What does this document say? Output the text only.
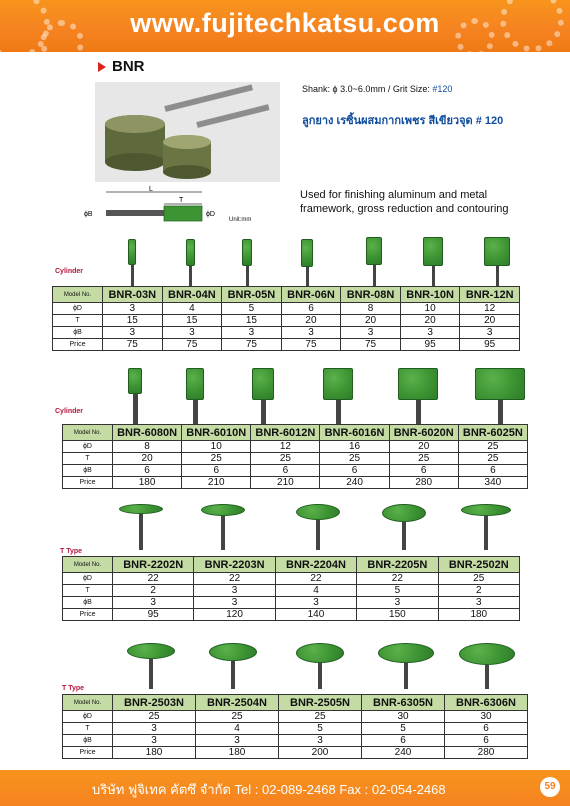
www.fujitechkatsu.com
BNR
Shank: ϕ 3.0~6.0mm / Grit Size: #120
ลูกยาง เรซิ้นผสมกากเพชร สีเขียวจุด # 120
L
T
ϕB	ϕD
Unit:mm
Used for finishing aluminum and metal framework, gross reduction and contouring
Cylinder
Model No.	BNR-03N	BNR-04N	BNR-05N	BNR-06N	BNR-08N	BNR-10N	BNR-12N
ϕD	3	4	5	6	8	10	12
T	15	15	15	20	20	20	20
ϕB	3	3	3	3	3	3	3
Price	75	75	75	75	75	95	95
Cylinder
Model No.	BNR-6080N	BNR-6010N	BNR-6012N	BNR-6016N	BNR-6020N	BNR-6025N
ϕD	8	10	12	16	20	25
T	20	25	25	25	25	25
ϕB	6	6	6	6	6	6
Price	180	210	210	240	280	340
T Type
Model No.	BNR-2202N	BNR-2203N	BNR-2204N	BNR-2205N	BNR-2502N
ϕD	22	22	22	22	25
T	2	3	4	5	2
ϕB	3	3	3	3	3
Price	95	120	140	150	180
T Type
Model No.	BNR-2503N	BNR-2504N	BNR-2505N	BNR-6305N	BNR-6306N
ϕD	25	25	25	30	30
T	3	4	5	5	6
ϕB	3	3	3	6	6
Price	180	180	200	240	280
บริษัท ฟูจิเทค คัตซึ จำกัด Tel : 02-089-2468 Fax : 02-054-2468	59
